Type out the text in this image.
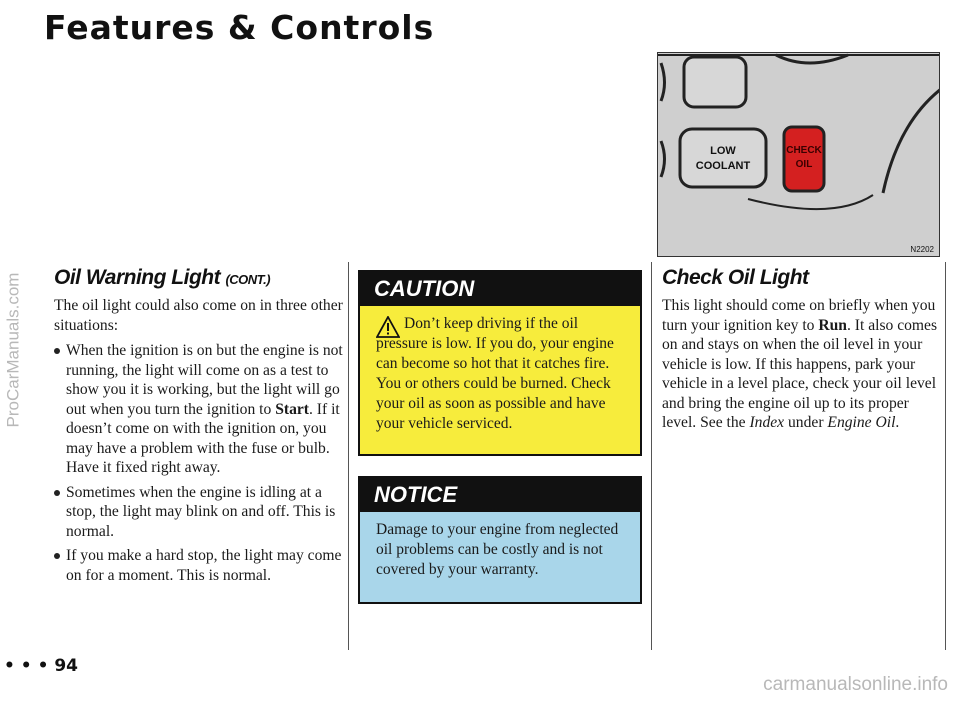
Features & Controls
ProCarManuals.com Oil Warning Light (CONT.)

The oil light could also come on in three other situations:

When the ignition is on but the engine is not running, the light will come on as a test to show you it is working, but the light will go out when you turn the ignition to Start. If it doesn’t come on with the ignition on, you may have a problem with the fuse or bulb. Have it fixed right away.
Sometimes when the engine is idling at a stop, the light may blink on and off. This is normal.
If you make a hard stop, the light may come on for a moment. This is normal.
CAUTION
Don’t keep driving if the oil pressure is low. If you do, your engine can become so hot that it catches fire. You or others could be burned. Check your oil as soon as possible and have your vehicle serviced.
NOTICE
Damage to your engine from neglected oil problems can be costly and is not covered by your warranty.
LOW
COOLANT
CHECK
OIL
N2202
Check Oil Light

This light should come on briefly when you turn your ignition key to Run. It also comes on and stays on when the oil level in your vehicle is low. If this happens, park your vehicle in a level place, check your oil level and bring the engine oil up to its proper level. See the Index under Engine Oil.

• • • 94
carmanualsonline.info
